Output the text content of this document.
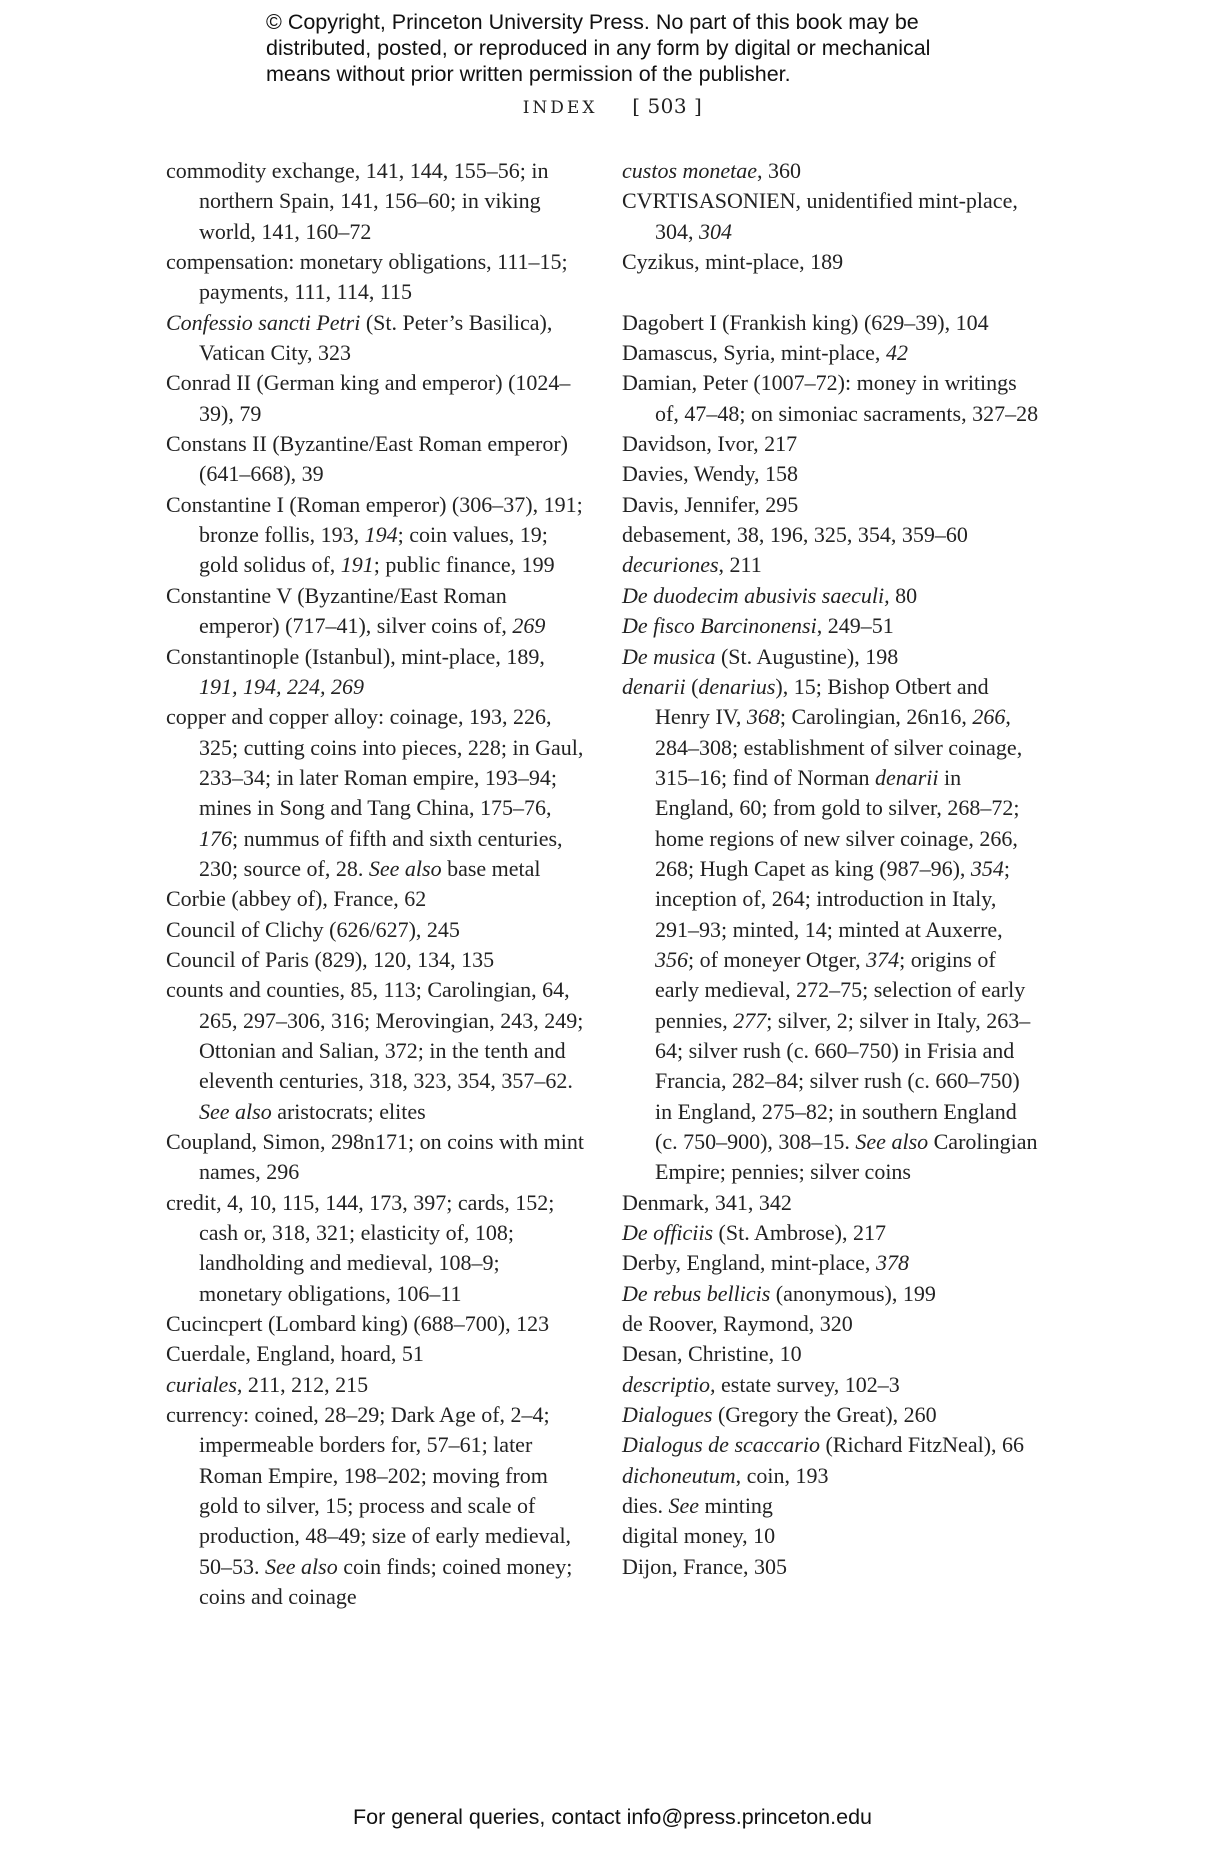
© Copyright, Princeton University Press. No part of this book may be
distributed, posted, or reproduced in any form by digital or mechanical
means without prior written permission of the publisher.
INDEX [ 503 ]
commodity exchange, 141, 144, 155–56; in northern Spain, 141, 156–60; in viking world, 141, 160–72
compensation: monetary obligations, 111–15; payments, 111, 114, 115
Confessio sancti Petri (St. Peter’s Basilica), Vatican City, 323
Conrad II (German king and emperor) (1024–39), 79
Constans II (Byzantine/East Roman emperor) (641–668), 39
Constantine I (Roman emperor) (306–37), 191; bronze follis, 193, 194; coin values, 19; gold solidus of, 191; public finance, 199
Constantine V (Byzantine/East Roman emperor) (717–41), silver coins of, 269
Constantinople (Istanbul), mint-place, 189, 191, 194, 224, 269
copper and copper alloy: coinage, 193, 226, 325; cutting coins into pieces, 228; in Gaul, 233–34; in later Roman empire, 193–94; mines in Song and Tang China, 175–76, 176; nummus of fifth and sixth centuries, 230; source of, 28. See also base metal
Corbie (abbey of), France, 62
Council of Clichy (626/627), 245
Council of Paris (829), 120, 134, 135
counts and counties, 85, 113; Carolingian, 64, 265, 297–306, 316; Merovingian, 243, 249; Ottonian and Salian, 372; in the tenth and eleventh centuries, 318, 323, 354, 357–62. See also aristocrats; elites
Coupland, Simon, 298n171; on coins with mint names, 296
credit, 4, 10, 115, 144, 173, 397; cards, 152; cash or, 318, 321; elasticity of, 108; landholding and medieval, 108–9; monetary obligations, 106–11
Cucincpert (Lombard king) (688–700), 123
Cuerdale, England, hoard, 51
curiales, 211, 212, 215
currency: coined, 28–29; Dark Age of, 2–4; impermeable borders for, 57–61; later Roman Empire, 198–202; moving from gold to silver, 15; process and scale of production, 48–49; size of early medieval, 50–53. See also coin finds; coined money; coins and coinage
custos monetae, 360
CVRTISASONIEN, unidentified mint-place, 304, 304
Cyzikus, mint-place, 189
Dagobert I (Frankish king) (629–39), 104
Damascus, Syria, mint-place, 42
Damian, Peter (1007–72): money in writings of, 47–48; on simoniac sacraments, 327–28
Davidson, Ivor, 217
Davies, Wendy, 158
Davis, Jennifer, 295
debasement, 38, 196, 325, 354, 359–60
decuriones, 211
De duodecim abusivis saeculi, 80
De fisco Barcinonensi, 249–51
De musica (St. Augustine), 198
denarii (denarius), 15; Bishop Otbert and Henry IV, 368; Carolingian, 26n16, 266, 284–308; establishment of silver coinage, 315–16; find of Norman denarii in England, 60; from gold to silver, 268–72; home regions of new silver coinage, 266, 268; Hugh Capet as king (987–96), 354; inception of, 264; introduction in Italy, 291–93; minted, 14; minted at Auxerre, 356; of moneyer Otger, 374; origins of early medieval, 272–75; selection of early pennies, 277; silver, 2; silver in Italy, 263–64; silver rush (c. 660–750) in Frisia and Francia, 282–84; silver rush (c. 660–750) in England, 275–82; in southern England (c. 750–900), 308–15. See also Carolingian Empire; pennies; silver coins
Denmark, 341, 342
De officiis (St. Ambrose), 217
Derby, England, mint-place, 378
De rebus bellicis (anonymous), 199
de Roover, Raymond, 320
Desan, Christine, 10
descriptio, estate survey, 102–3
Dialogues (Gregory the Great), 260
Dialogus de scaccario (Richard FitzNeal), 66
dichoneutum, coin, 193
dies. See minting
digital money, 10
Dijon, France, 305
For general queries, contact info@press.princeton.edu
